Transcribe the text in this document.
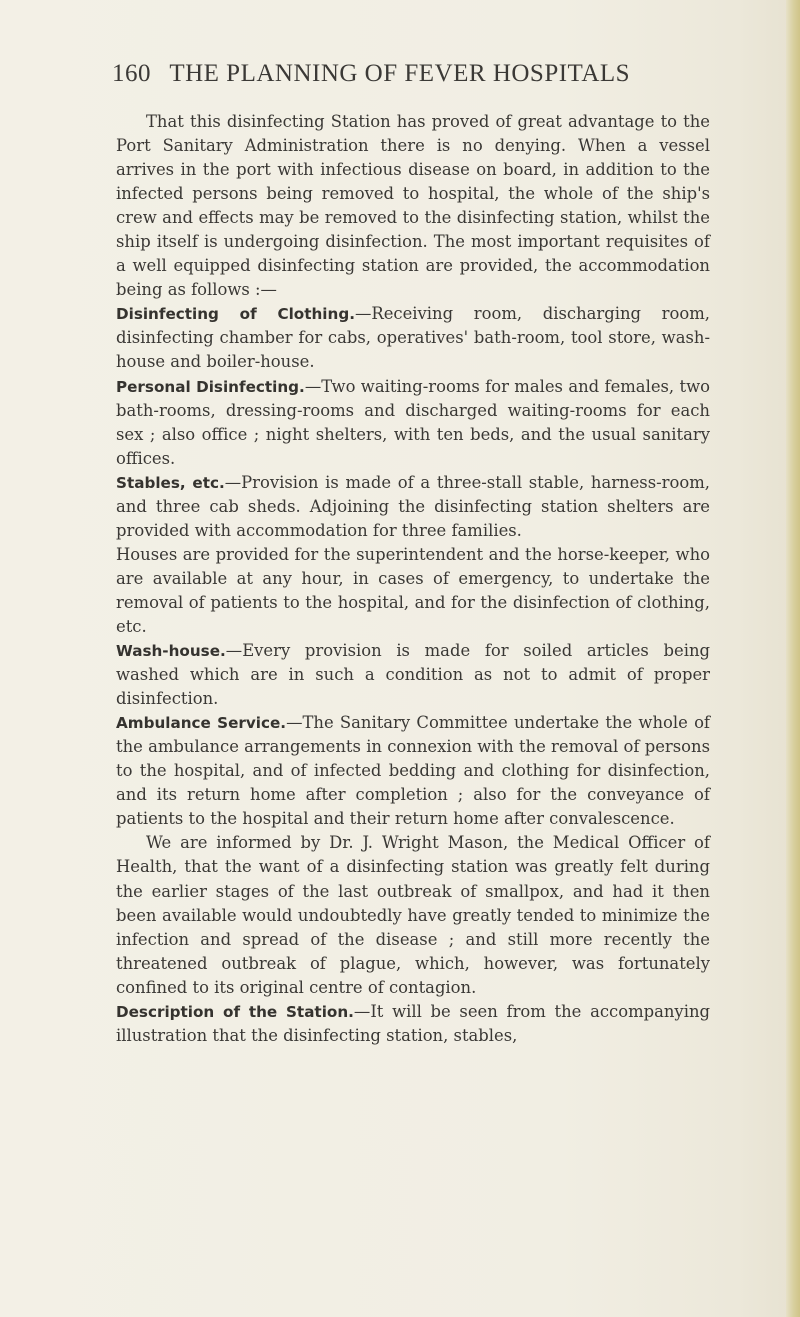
160 THE PLANNING OF FEVER HOSPITALS

That this disinfecting Station has proved of great advantage to the Port Sanitary Administration there is no denying. When a vessel arrives in the port with infectious disease on board, in addition to the infected persons being removed to hospital, the whole of the ship's crew and effects may be removed to the disinfecting station, whilst the ship itself is undergoing disinfection. The most important requisites of a well equipped disinfecting station are provided, the accommodation being as follows :—

Disinfecting of Clothing.—Receiving room, discharging room, disinfecting chamber for cabs, operatives' bath-room, tool store, wash-house and boiler-house.

Personal Disinfecting.—Two waiting-rooms for males and females, two bath-rooms, dressing-rooms and discharged waiting-rooms for each sex ; also office ; night shelters, with ten beds, and the usual sanitary offices.

Stables, etc.—Provision is made of a three-stall stable, harness-room, and three cab sheds. Adjoining the disinfecting station shelters are provided with accommodation for three families.

Houses are provided for the superintendent and the horse-keeper, who are available at any hour, in cases of emergency, to undertake the removal of patients to the hospital, and for the disinfection of clothing, etc.

Wash-house.—Every provision is made for soiled articles being washed which are in such a condition as not to admit of proper disinfection.

Ambulance Service.—The Sanitary Committee undertake the whole of the ambulance arrangements in connexion with the removal of persons to the hospital, and of infected bedding and clothing for disinfection, and its return home after completion ; also for the conveyance of patients to the hospital and their return home after convalescence.

We are informed by Dr. J. Wright Mason, the Medical Officer of Health, that the want of a disinfecting station was greatly felt during the earlier stages of the last outbreak of smallpox, and had it then been available would undoubtedly have greatly tended to minimize the infection and spread of the disease ; and still more recently the threatened outbreak of plague, which, however, was fortunately confined to its original centre of contagion.

Description of the Station.—It will be seen from the accompanying illustration that the disinfecting station, stables,
